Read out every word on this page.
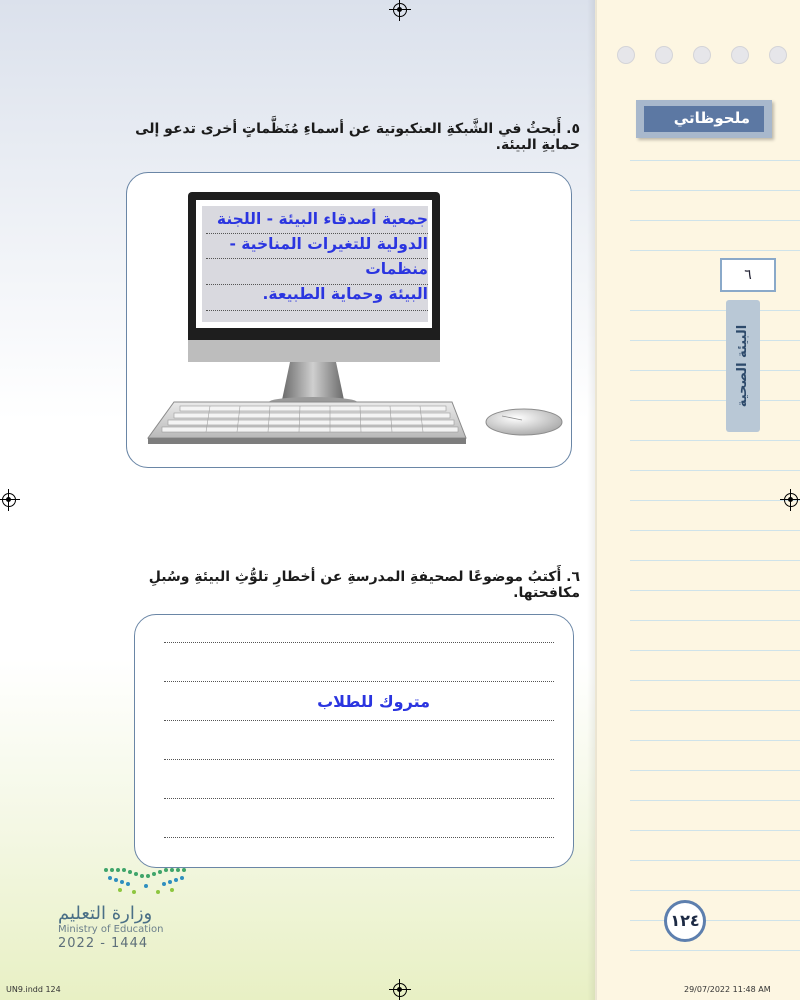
ملحوظاتي
٦
البيئة الصحية
٥. أَبحثُ في الشَّبكةِ العنكبوتية عن أسماءِ مُنَظَّماتٍ أخرى تدعو إلى حمايةِ البيئة.
جمعية أصدقاء البيئة - اللجنة
الدولية للتغيرات المناخية - منظمات
البيئة وحماية الطبيعة.
٦. أَكتبُ موضوعًا لصحيفةِ المدرسةِ عن أخطارِ تلوُّثِ البيئةِ وسُبلِ مكافحتها.
متروك للطلاب
وزارة التعليم
Ministry of Education
2022 - 1444
١٢٤
UN9.indd 124	29/07/2022 11:48 AM
